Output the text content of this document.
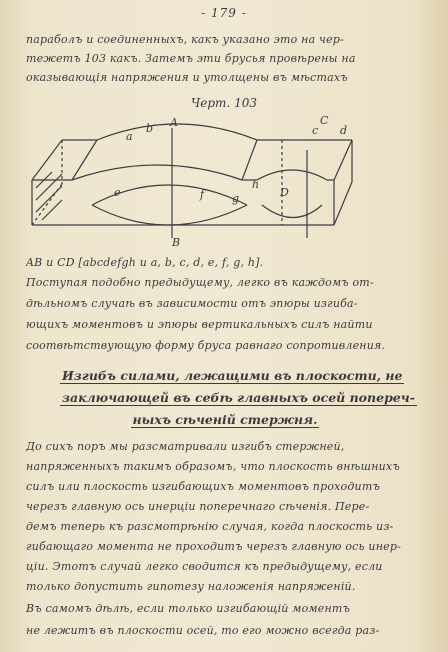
- 179 -
параболъ и соединенныхъ, какъ указано это на чер-
тежетъ 103 какъ. Затемъ эти брусья провѣрены на
оказывающія напряжения и утолщены въ мѣстахъ
Черт. 103
A
B
C
D
a
b	c d
e	f	g
h
AB и CD [abcdefgh и a, b, c, d, e, f, g, h].
Поступая подобно предыдущему, легко въ каждомъ от-
дѣльномъ случаѣ въ зависимости отъ эпюры изгиба-
ющихъ моментовъ и эпюры вертикальныхъ силъ найти
соотвѣтствующую форму бруса равнаго сопротивления.
Изгибъ силами, лежащими въ плоскости, не
заключающей въ себѣ главныхъ осей попереч-
ныхъ сѣченій стержня.
До сихъ поръ мы разсматривали изгибъ стержней,
напряженныхъ такимъ образомъ, что плоскость внѣшнихъ
силъ или плоскость изгибающихъ моментовъ проходитъ
черезъ главную ось инерціи поперечнаго сѣченія. Пере-
демъ теперь къ разсмотрѣнію случая, когда плоскость из-
гибающаго момента не проходитъ черезъ главную ось инер-
ціи. Этотъ случай легко сводится къ предыдущему, если
только допустить гипотезу наложенія напряженій.
Въ самомъ дѣлѣ, если только изгибающій моментъ
не лежитъ въ плоскости осей, то его можно всегда раз-
